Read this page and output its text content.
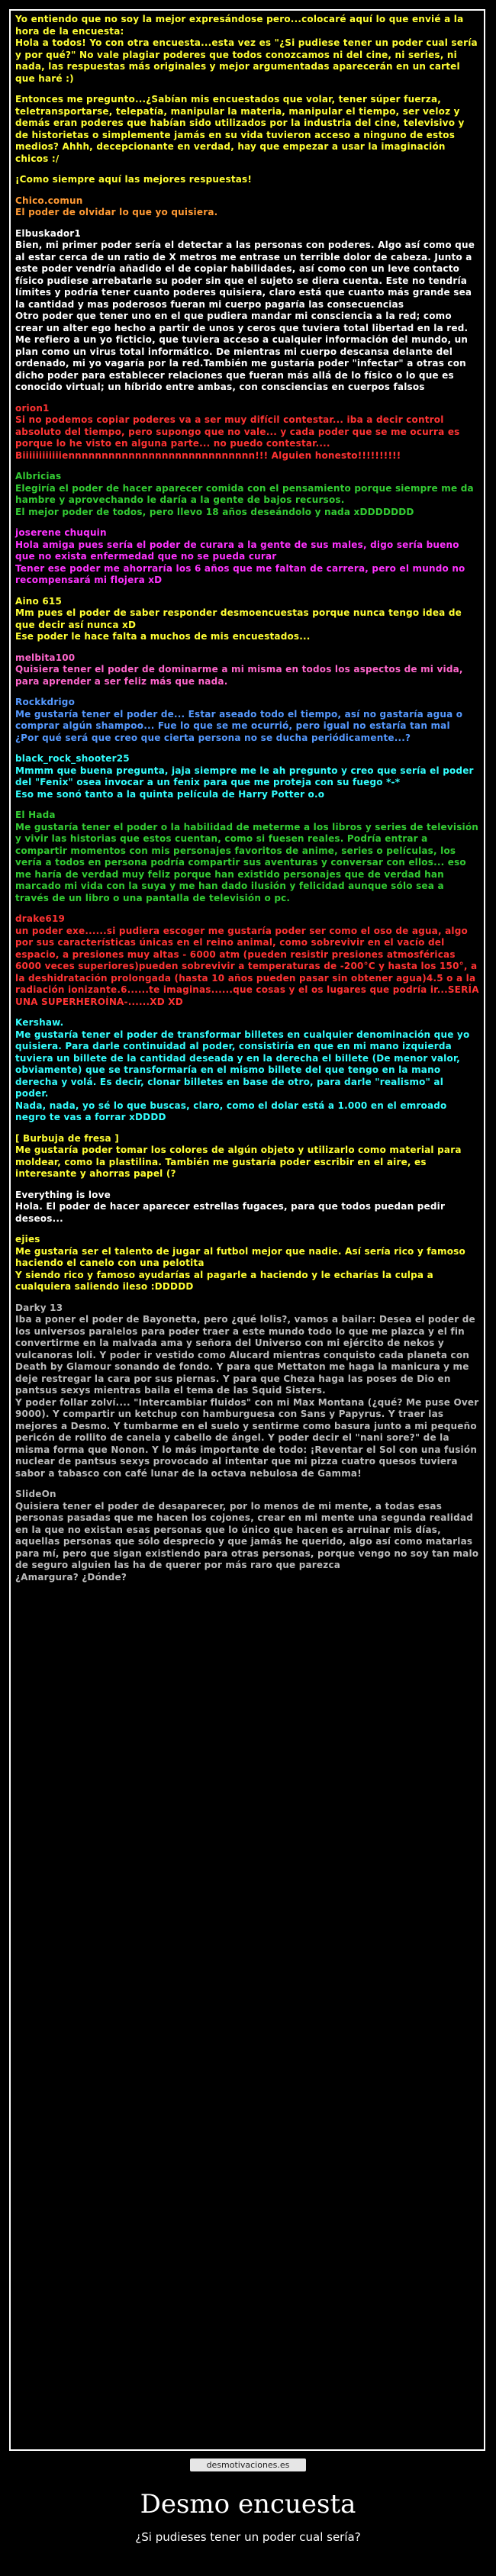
Yo entiendo que no soy la mejor expresándose pero...colocaré aquí lo que envié a la hora de la encuesta:
Hola a todos! Yo con otra encuesta...esta vez es "¿Si pudiese tener un poder cual sería y por qué?" No vale plagiar poderes que todos conozcamos ni del cine, ni series, ni nada, las respuestas más originales y mejor argumentadas aparecerán en un cartel que haré :)
Entonces me pregunto...¿Sabían mis encuestados que volar, tener súper fuerza, teletransportarse, telepatía, manipular la materia, manipular el tiempo, ser veloz y demás eran poderes que habían sido utilizados por la industria del cine, televisivo y de historietas o simplemente jamás en su vida tuvieron acceso a ninguno de estos medios? Ahhh, decepcionante en verdad, hay que empezar a usar la imaginación chicos :/
¡Como siempre aquí las mejores respuestas!
Chico.comun
El poder de olvidar lo que yo quisiera.
Elbuskador1
Bien, mi primer poder sería el detectar a las personas con poderes. Algo así como que al estar cerca de un ratio de X metros me entrase un terrible dolor de cabeza. Junto a este poder vendría añadido el de copiar habilidades, así como con un leve contacto físico pudiese arrebatarle su poder sin que el sujeto se diera cuenta. Este no tendría límites y podría tener cuanto poderes quisiera, claro está que cuanto más grande sea la cantidad y mas poderosos fueran mi cuerpo pagaría las consecuencias
Otro poder que tener uno en el que pudiera mandar mi consciencia a la red; como crear un alter ego hecho a partir de unos y ceros que tuviera total libertad en la red. Me refiero a un yo ficticio, que tuviera acceso a cualquier información del mundo, un plan como un virus total informático. De mientras mi cuerpo descansa delante del ordenado, mi yo vagaría por la red.También me gustaría poder "infectar" a otras con dicho poder para establecer relaciones que fueran más allá de lo físico o lo que es conocido virtual; un híbrido entre ambas, con consciencias en cuerpos falsos
orion1
Si no podemos copiar poderes va a ser muy difícil contestar... iba a decir control absoluto del tiempo, pero supongo que no vale... y cada poder que se me ocurra es porque lo he visto en alguna parte... no puedo contestar....
Biiiiiiiiiiiiennnnnnnnnnnnnnnnnnnnnnnnnnnn!!! Alguien honesto!!!!!!!!!!
Albricias
Elegiría el poder de hacer aparecer comida con el pensamiento porque siempre me da hambre y aprovechando le daría a la gente de bajos recursos.
El mejor poder de todos, pero llevo 18 años deseándolo y nada xDDDDDDD
joserene chuquin
Hola amiga pues sería el poder de curara a la gente de sus males, digo sería bueno que no exista enfermedad que no se pueda curar
Tener ese poder me ahorraría los 6 años que me faltan de carrera, pero el mundo no recompensará mi flojera xD
Aino 615
Mm pues el poder de saber responder desmoencuestas porque nunca tengo idea de que decir así nunca xD
Ese poder le hace falta a muchos de mis encuestados...
melbita100
Quisiera tener el poder de dominarme a mi misma en todos los aspectos de mi vida, para aprender a ser feliz más que nada.
Rockkdrigo
Me gustaría tener el poder de... Estar aseado todo el tiempo, así no gastaría agua o comprar algún shampoo... Fue lo que se me ocurrió, pero igual no estaría tan mal
¿Por qué será que creo que cierta persona no se ducha periódicamente...?
black_rock_shooter25
Mmmm que buena pregunta, jaja siempre me le ah pregunto y creo que sería el poder del "Fenix" osea invocar a un fenix para que me proteja con su fuego *-*
Eso me sonó tanto a la quinta película de Harry Potter o.o
El Hada
Me gustaría tener el poder o la habilidad de meterme a los libros y series de televisión y vivir las historias que estos cuentan, como si fuesen reales. Podría entrar a compartir momentos con mis personajes favoritos de anime, series o películas, los vería a todos en persona podría compartir sus aventuras y conversar con ellos... eso me haría de verdad muy feliz porque han existido personajes que de verdad han marcado mi vida con la suya y me han dado ilusión y felicidad aunque sólo sea a través de un libro o una pantalla de televisión o pc.
drake619
un poder exe......si pudiera escoger me gustaría poder ser como el oso de agua, algo por sus características únicas en el reino animal, como sobrevivir en el vacío del espacio, a presiones muy altas - 6000 atm (pueden resistir presiones atmosféricas 6000 veces superiores)pueden sobrevivir a temperaturas de -200°C y hasta los 150°, a la deshidratación prolongada (hasta 10 años pueden pasar sin obtener agua)4.5 o a la radiación ionizante.6......te imaginas......que cosas y el os lugares que podría ir...SERÍA UNA SUPERHEROÍNA-......XD XD
Kershaw.
Me gustaría tener el poder de transformar billetes en cualquier denominación que yo quisiera. Para darle continuidad al poder, consistiría en que en mi mano izquierda tuviera un billete de la cantidad deseada y en la derecha el billete (De menor valor, obviamente) que se transformaría en el mismo billete del que tengo en la mano derecha y volá. Es decir, clonar billetes en base de otro, para darle "realismo" al poder.
Nada, nada, yo sé lo que buscas, claro, como el dolar está a 1.000 en el emroado negro te vas a forrar xDDDD
[ Burbuja de fresa ]
Me gustaría poder tomar los colores de algún objeto y utilizarlo como material para moldear, como la plastilina. También me gustaría poder escribir en el aire, es interesante y ahorras papel (?
Everything is love
Hola. El poder de hacer aparecer estrellas fugaces, para que todos puedan pedir deseos...
ejies
Me gustaría ser el talento de jugar al futbol mejor que nadie. Así sería rico y famoso haciendo el canelo con una pelotita
Y siendo rico y famoso ayudarías al pagarle a haciendo y le echarías la culpa a cualquiera saliendo ileso :DDDDD
Darky 13
Iba a poner el poder de Bayonetta, pero ¿qué lolis?, vamos a bailar: Desea el poder de los universos paralelos para poder traer a este mundo todo lo que me plazca y el fin convertirme en la malvada ama y señora del Universo con mi ejército de nekos y vulcanoras loli. Y poder ir vestido como Alucard mientras conquisto cada planeta con Death by Glamour sonando de fondo. Y para que Mettaton me haga la manicura y me deje restregar la cara por sus piernas. Y para que Cheza haga las poses de Dio en pantsus sexys mientras baila el tema de las Squid Sisters.
Y poder follar zolví.... "Intercambiar fluidos" con mi Max Montana (¿qué? Me puse Over 9000). Y compartir un ketchup con hamburguesa con Sans y Papyrus. Y traer las mejores a Desmo. Y tumbarme en el suelo y sentirme como basura junto a mi pequeño pericón de rollito de canela y cabello de ángel. Y poder decir el "nani sore?" de la misma forma que Nonon. Y lo más importante de todo: ¡Reventar el Sol con una fusión nuclear de pantsus sexys provocado al intentar que mi pizza cuatro quesos tuviera sabor a tabasco con café lunar de la octava nebulosa de Gamma!
SlideOn
Quisiera tener el poder de desaparecer, por lo menos de mi mente, a todas esas personas pasadas que me hacen los cojones, crear en mi mente una segunda realidad en la que no existan esas personas que lo único que hacen es arruinar mis días, aquellas personas que sólo desprecio y que jamás he querido, algo así como matarlas para mí, pero que sigan existiendo para otras personas, porque vengo no soy tan malo de seguro alguien las ha de querer por más raro que parezca
¿Amargura? ¿Dónde?
desmotivaciones.es
Desmo encuesta
¿Si pudieses tener un poder cual sería?
